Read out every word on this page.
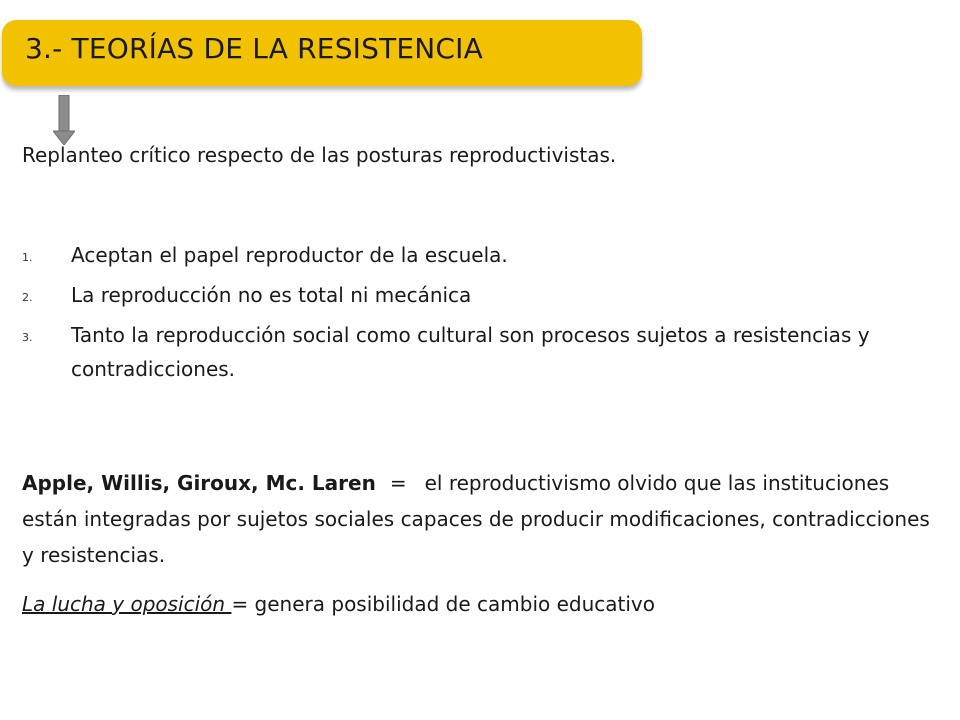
3.- TEORÍAS DE LA RESISTENCIA
Replanteo crítico respecto de las posturas reproductivistas.
1. Aceptan el papel reproductor de la escuela.
2. La reproducción no es total ni mecánica
3. Tanto la reproducción social como cultural son procesos sujetos a resistencias y contradicciones.
Apple, Willis, Giroux, Mc. Laren = el reproductivismo olvido que las instituciones están integradas por sujetos sociales capaces de producir modificaciones, contradicciones y resistencias.
La lucha y oposición = genera posibilidad de cambio educativo
